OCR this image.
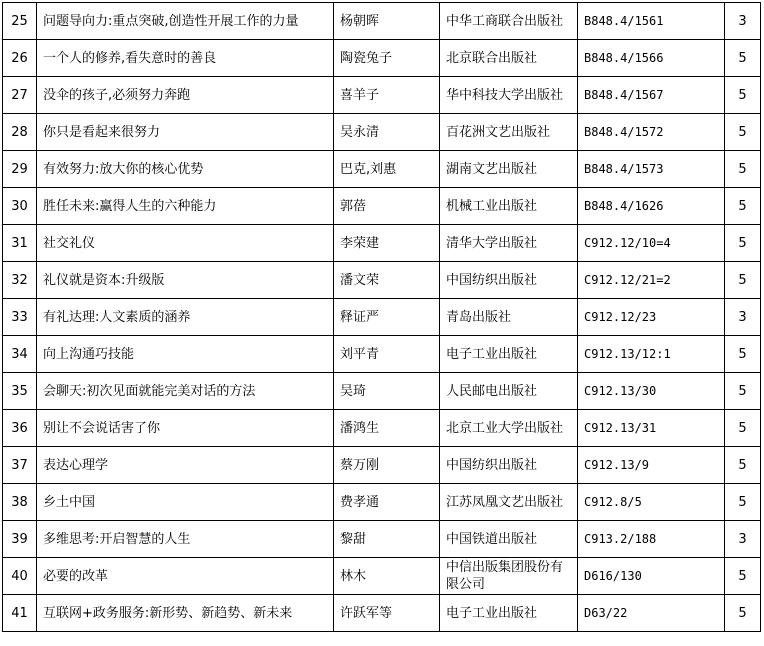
25	问题导向力:重点突破,创造性开展工作的力量	杨朝晖	中华工商联合出版社	B848.4/1561	3
26	一个人的修养,看失意时的善良	陶瓷兔子	北京联合出版社	B848.4/1566	5
27	没伞的孩子,必须努力奔跑	喜羊子	华中科技大学出版社	B848.4/1567	5
28	你只是看起来很努力	吴永清	百花洲文艺出版社	B848.4/1572	5
29	有效努力:放大你的核心优势	巴克,刘惠	湖南文艺出版社	B848.4/1573	5
30	胜任未来:赢得人生的六种能力	郭蓓	机械工业出版社	B848.4/1626	5
31	社交礼仪	李荣建	清华大学出版社	C912.12/10=4	5
32	礼仪就是资本:升级版	潘文荣	中国纺织出版社	C912.12/21=2	5
33	有礼达理:人文素质的涵养	释证严	青岛出版社	C912.12/23	3
34	向上沟通巧技能	刘平青	电子工业出版社	C912.13/12:1	5
35	会聊天:初次见面就能完美对话的方法	吴琦	人民邮电出版社	C912.13/30	5
36	别让不会说话害了你	潘鸿生	北京工业大学出版社	C912.13/31	5
37	表达心理学	蔡万刚	中国纺织出版社	C912.13/9	5
38	乡土中国	费孝通	江苏凤凰文艺出版社	C912.8/5	5
39	多维思考:开启智慧的人生	黎甜	中国铁道出版社	C913.2/188	3
40	必要的改革	林木	中信出版集团股份有限公司	D616/130	5
41	互联网+政务服务:新形势、新趋势、新未来	许跃军等	电子工业出版社	D63/22	5
